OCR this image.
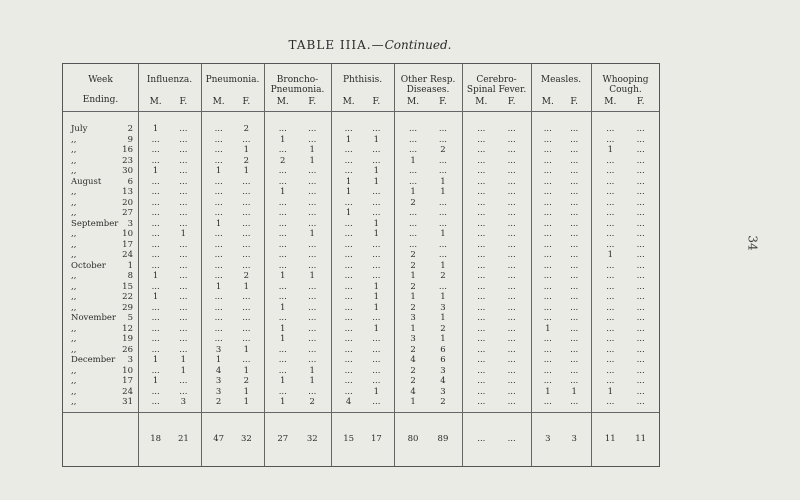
34
TABLE IIIA.—Continued.
Week
Ending.
Influenza.
M.	F.
Pneumonia.
M.	F.
Broncho- Pneumonia.
M.	F.
Phthisis.
M.	F.
Other Resp. Diseases.
M.	F.
Cerebro- Spinal Fever.
M.	F.
Measles.
M.	F.
Whooping Cough.
M.	F.
July	2	1	...	...	2	...	...	...	...	...	...	...	...	...	...	...	...
,,	9	...	...	...	...	1	...	1	1	...	...	...	...	...	...	...	...
,,	16	...	...	...	1	...	1	...	...	...	2	...	...	...	...	1	...
,,	23	...	...	...	2	2	1	...	...	1	...	...	...	...	...	...	...
,,	30	1	...	1	1	...	...	...	1	...	...	...	...	...	...	...	...
August	6	...	...	...	...	...	...	1	1	...	1	...	...	...	...	...	...
,,	13	...	...	...	...	1	...	1	...	1	1	...	...	...	...	...	...
,,	20	...	...	...	...	...	...	...	...	2	...	...	...	...	...	...	...
,,	27	...	...	...	...	...	...	1	...	...	...	...	...	...	...	...	...
September	3	...	...	1	...	...	...	...	1	...	...	...	...	...	...	...	...
,,	10	...	1	...	...	...	1	...	1	...	1	...	...	...	...	...	...
,,	17	...	...	...	...	...	...	...	...	...	...	...	...	...	...	...	...
,,	24	...	...	...	...	...	...	...	...	2	...	...	...	...	...	1	...
October	1	...	...	...	...	...	...	...	...	2	1	...	...	...	...	...	...
,,	8	1	...	...	2	1	1	...	...	1	2	...	...	...	...	...	...
,,	15	...	...	1	1	...	...	...	1	2	...	...	...	...	...	...	...
,,	22	1	...	...	...	...	...	...	1	1	1	...	...	...	...	...	...
,,	29	...	...	...	...	1	...	...	1	2	3	...	...	...	...	...	...
November	5	...	...	...	...	...	...	...	...	3	1	...	...	...	...	...	...
,,	12	...	...	...	...	1	...	...	1	1	2	...	...	1	...	...	...
,,	19	...	...	...	...	1	...	...	...	3	1	...	...	...	...	...	...
,,	26	...	...	3	1	...	...	...	...	2	6	...	...	...	...	...	...
December	3	1	1	1	...	...	...	...	...	4	6	...	...	...	...	...	...
,,	10	...	1	4	1	...	1	...	...	2	3	...	...	...	...	...	...
,,	17	1	...	3	2	1	1	...	...	2	4	...	...	...	...	...	...
,,	24	...	...	3	1	...	...	...	1	4	3	...	...	1	1	1	...
,,	31	...	3	2	1	1	2	4	...	1	2	...	...	...	...	...	...
18	21	47	32	27	32	15	17	80	89	...	...	3	3	11	11
